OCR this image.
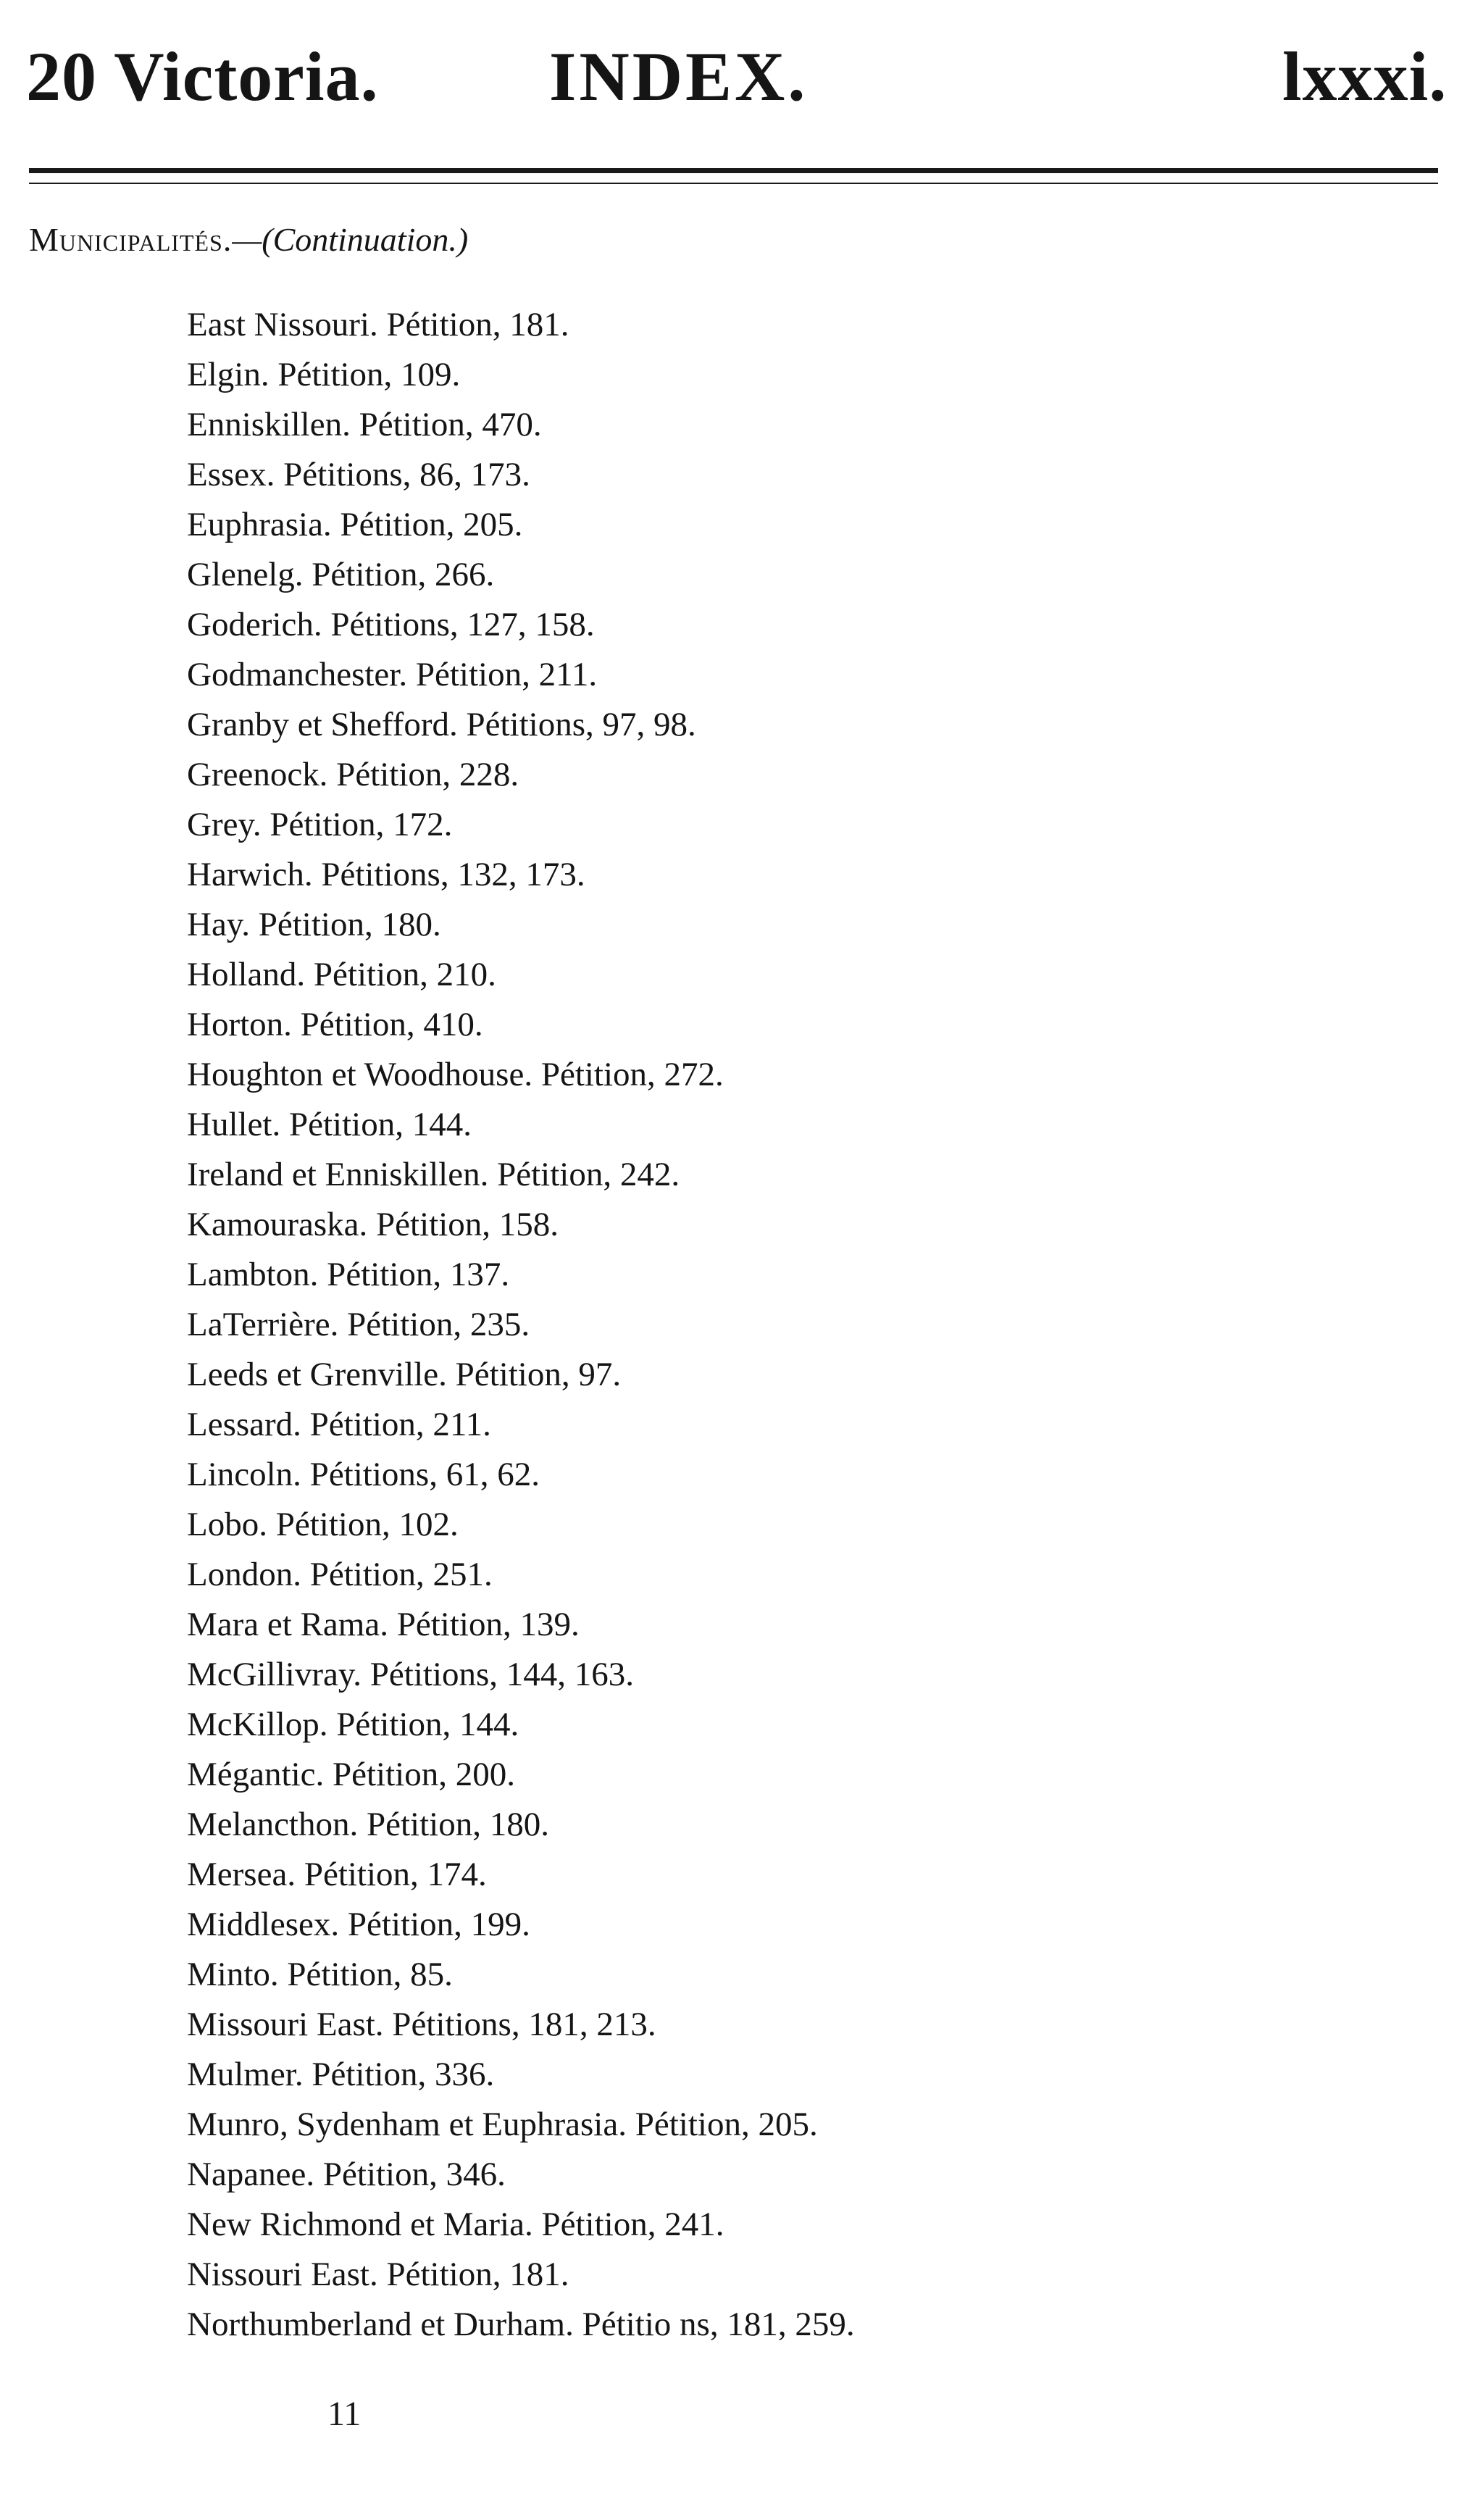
20 Victoria. INDEX.	lxxxi.
Municipalités.—(Continuation.)
East Nissouri. Pétition, 181.
Elgin. Pétition, 109.
Enniskillen. Pétition, 470.
Essex. Pétitions, 86, 173.
Euphrasia. Pétition, 205.
Glenelg. Pétition, 266.
Goderich. Pétitions, 127, 158.
Godmanchester. Pétition, 211.
Granby et Shefford. Pétitions, 97, 98.
Greenock. Pétition, 228.
Grey. Pétition, 172.
Harwich. Pétitions, 132, 173.
Hay. Pétition, 180.
Holland. Pétition, 210.
Horton. Pétition, 410.
Houghton et Woodhouse. Pétition, 272.
Hullet. Pétition, 144.
Ireland et Enniskillen. Pétition, 242.
Kamouraska. Pétition, 158.
Lambton. Pétition, 137.
LaTerrière. Pétition, 235.
Leeds et Grenville. Pétition, 97.
Lessard. Pétition, 211.
Lincoln. Pétitions, 61, 62.
Lobo. Pétition, 102.
London. Pétition, 251.
Mara et Rama. Pétition, 139.
McGillivray. Pétitions, 144, 163.
McKillop. Pétition, 144.
Mégantic. Pétition, 200.
Melancthon. Pétition, 180.
Mersea. Pétition, 174.
Middlesex. Pétition, 199.
Minto. Pétition, 85.
Missouri East. Pétitions, 181, 213.
Mulmer. Pétition, 336.
Munro, Sydenham et Euphrasia. Pétition, 205.
Napanee. Pétition, 346.
New Richmond et Maria. Pétition, 241.
Nissouri East. Pétition, 181.
Northumberland et Durham. Pétitio ns, 181, 259.
11
